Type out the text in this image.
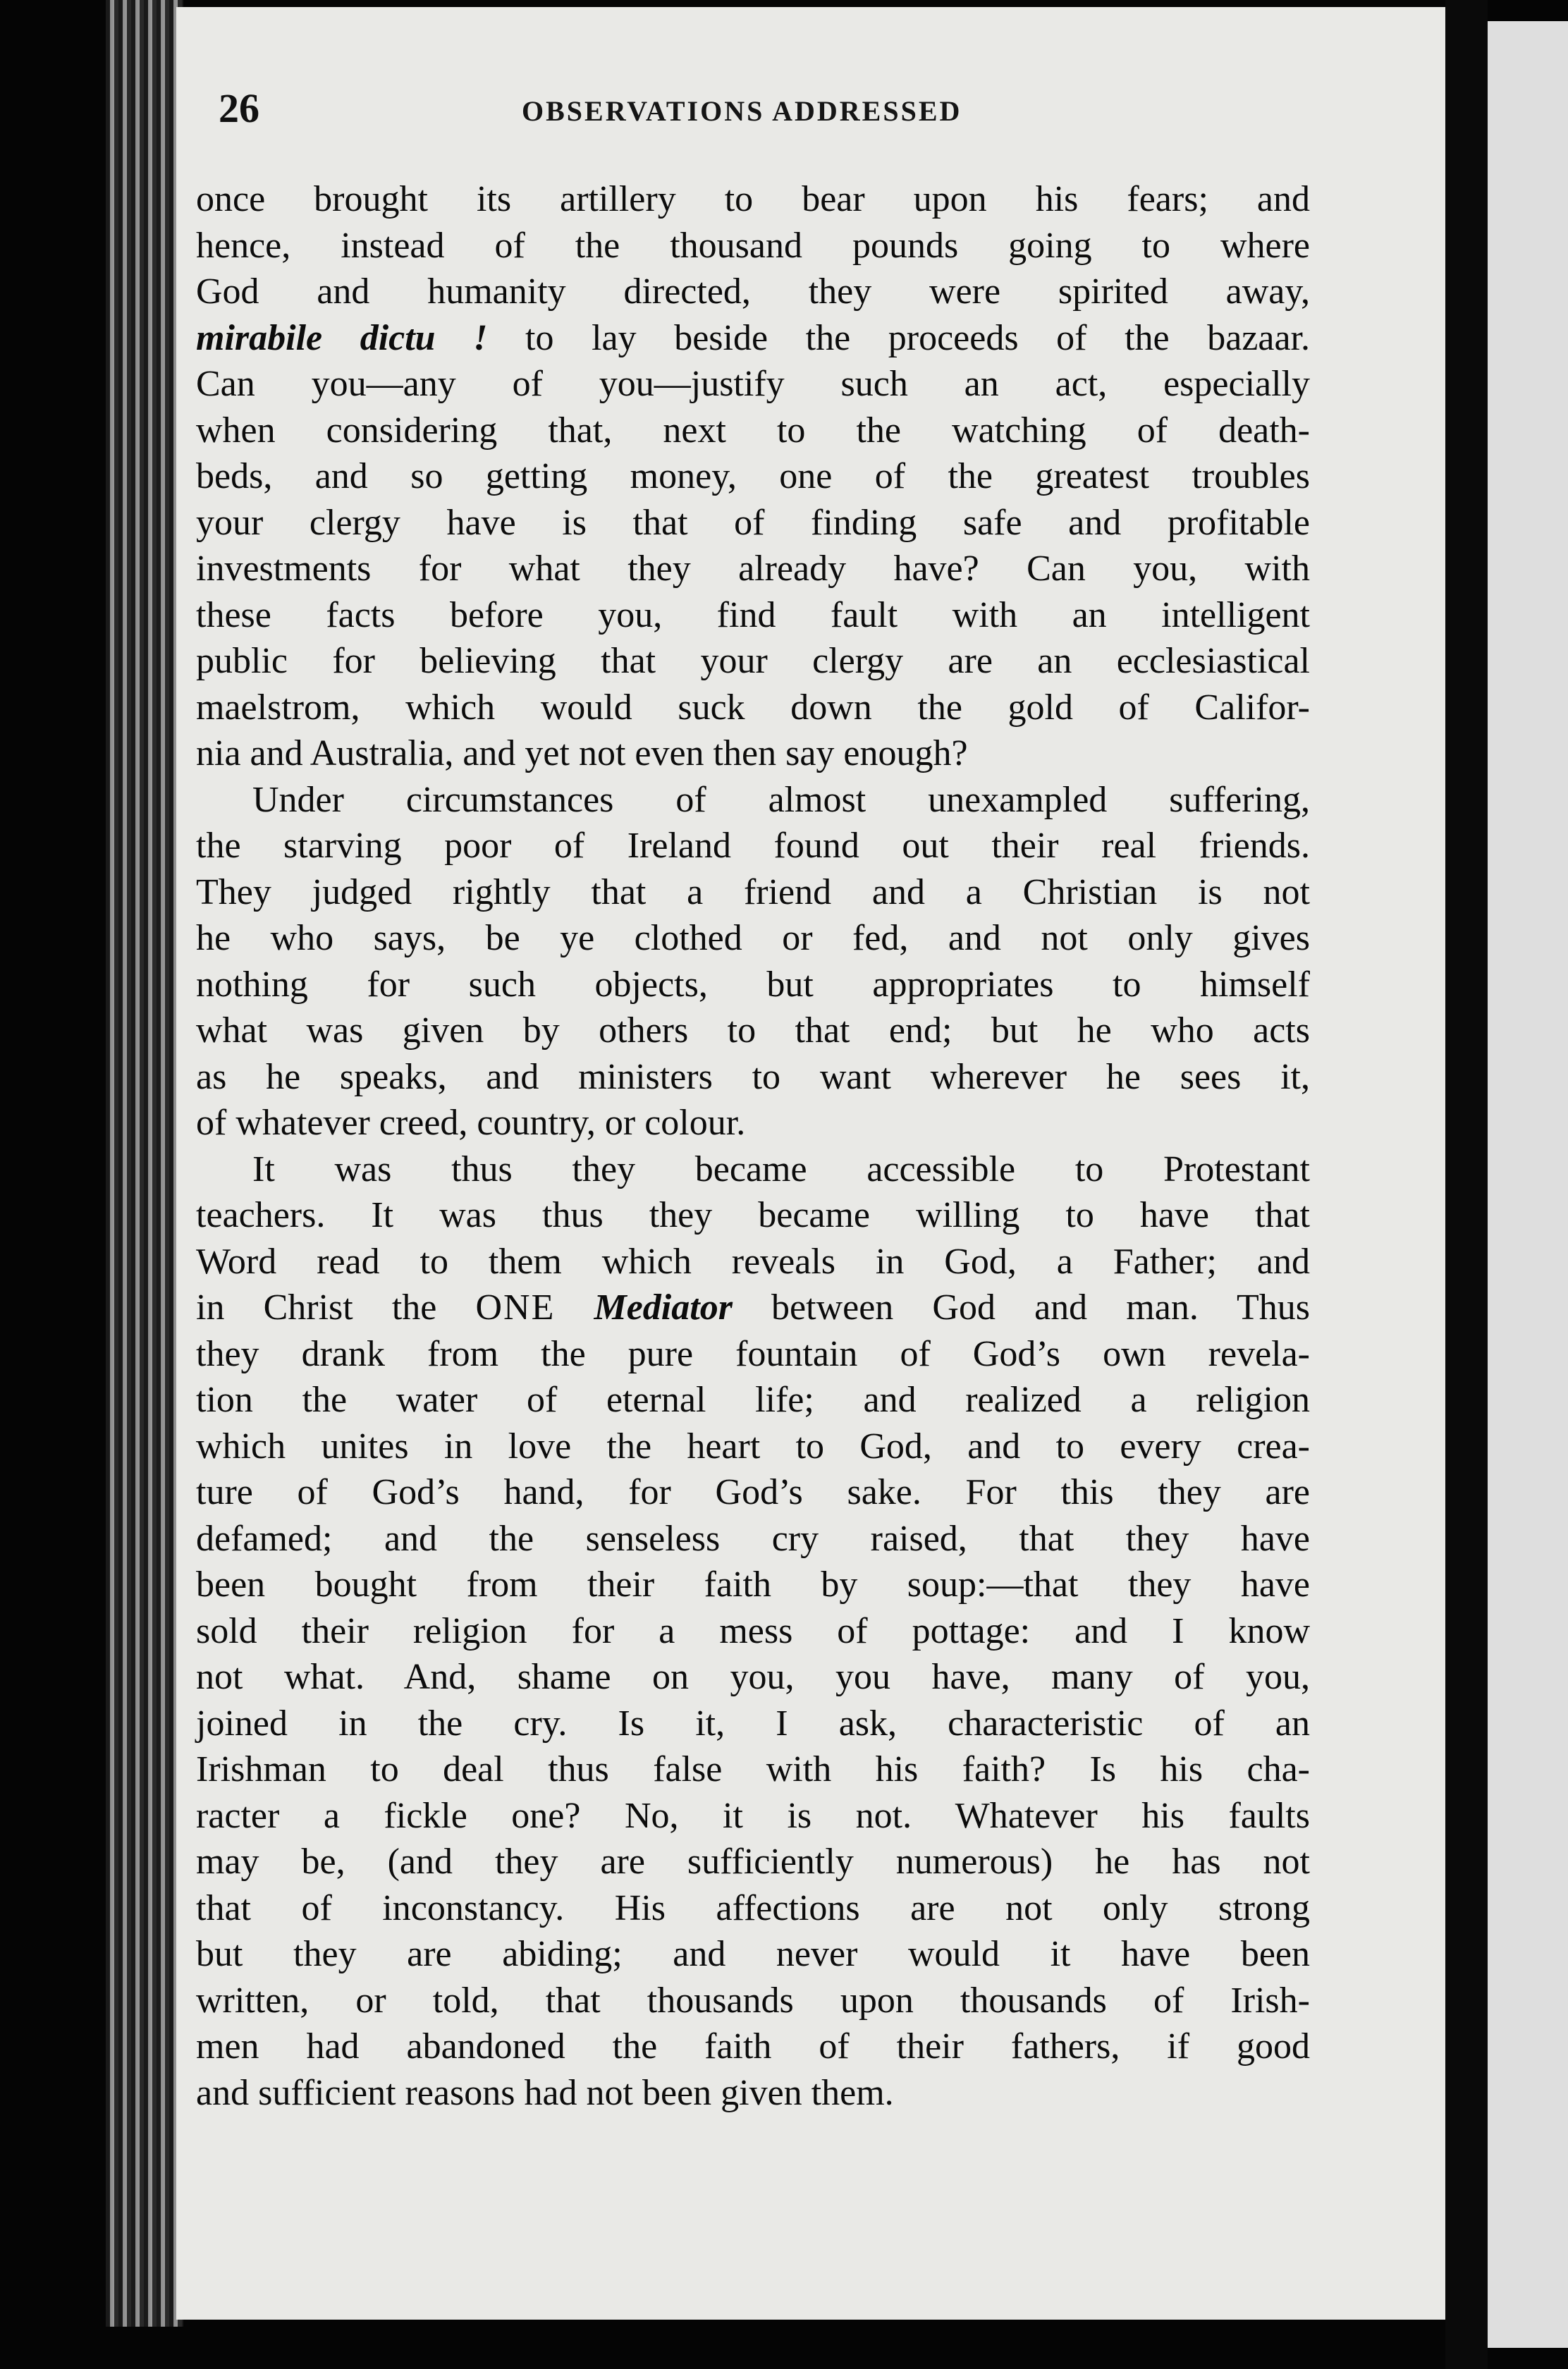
26	OBSERVATIONS ADDRESSED

once brought its artillery to bear upon his fears; and
hence, instead of the thousand pounds going to where
God and humanity directed, they were spirited away,
mirabile dictu ! to lay beside the proceeds of the bazaar.
Can you—any of you—justify such an act, especially
when considering that, next to the watching of death-
beds, and so getting money, one of the greatest troubles
your clergy have is that of finding safe and profitable
investments for what they already have? Can you, with
these facts before you, find fault with an intelligent
public for believing that your clergy are an ecclesiastical
maelstrom, which would suck down the gold of Califor-
nia and Australia, and yet not even then say enough?

Under circumstances of almost unexampled suffering,
the starving poor of Ireland found out their real friends.
They judged rightly that a friend and a Christian is not
he who says, be ye clothed or fed, and not only gives
nothing for such objects, but appropriates to himself
what was given by others to that end; but he who acts
as he speaks, and ministers to want wherever he sees it,
of whatever creed, country, or colour.

It was thus they became accessible to Protestant
teachers. It was thus they became willing to have that
Word read to them which reveals in God, a Father; and
in Christ the ONE Mediator between God and man. Thus
they drank from the pure fountain of God’s own revela-
tion the water of eternal life; and realized a religion
which unites in love the heart to God, and to every crea-
ture of God’s hand, for God’s sake. For this they are
defamed; and the senseless cry raised, that they have
been bought from their faith by soup:—that they have
sold their religion for a mess of pottage: and I know
not what. And, shame on you, you have, many of you,
joined in the cry. Is it, I ask, characteristic of an
Irishman to deal thus false with his faith? Is his cha-
racter a fickle one? No, it is not. Whatever his faults
may be, (and they are sufficiently numerous) he has not
that of inconstancy. His affections are not only strong
but they are abiding; and never would it have been
written, or told, that thousands upon thousands of Irish-
men had abandoned the faith of their fathers, if good
and sufficient reasons had not been given them.
